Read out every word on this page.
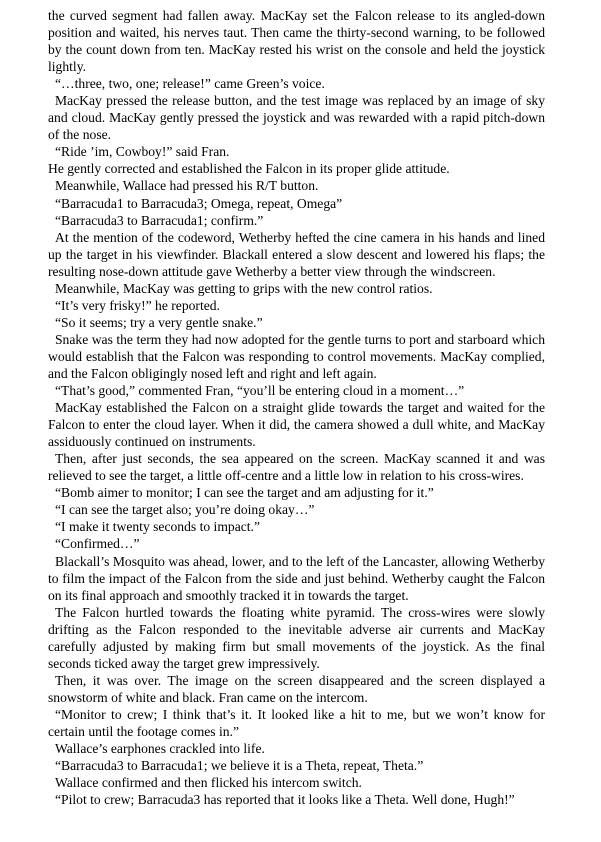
the curved segment had fallen away. MacKay set the Falcon release to its angled-down position and waited, his nerves taut. Then came the thirty-second warning, to be followed by the count down from ten. MacKay rested his wrist on the console and held the joystick lightly.

“…three, two, one; release!” came Green’s voice.

MacKay pressed the release button, and the test image was replaced by an image of sky and cloud. MacKay gently pressed the joystick and was rewarded with a rapid pitch-down of the nose.

“Ride ’im, Cowboy!” said Fran.

He gently corrected and established the Falcon in its proper glide attitude.

Meanwhile, Wallace had pressed his R/T button.

“Barracuda1 to Barracuda3; Omega, repeat, Omega”

“Barracuda3 to Barracuda1; confirm.”

At the mention of the codeword, Wetherby hefted the cine camera in his hands and lined up the target in his viewfinder. Blackall entered a slow descent and lowered his flaps; the resulting nose-down attitude gave Wetherby a better view through the windscreen.

Meanwhile, MacKay was getting to grips with the new control ratios.

“It’s very frisky!” he reported.

“So it seems; try a very gentle snake.”

Snake was the term they had now adopted for the gentle turns to port and starboard which would establish that the Falcon was responding to control movements. MacKay complied, and the Falcon obligingly nosed left and right and left again.

“That’s good,” commented Fran, “you’ll be entering cloud in a moment…”

MacKay established the Falcon on a straight glide towards the target and waited for the Falcon to enter the cloud layer. When it did, the camera showed a dull white, and MacKay assiduously continued on instruments.

Then, after just seconds, the sea appeared on the screen. MacKay scanned it and was relieved to see the target, a little off-centre and a little low in relation to his cross-wires.

“Bomb aimer to monitor; I can see the target and am adjusting for it.”

“I can see the target also; you’re doing okay…”

“I make it twenty seconds to impact.”

“Confirmed…”

Blackall’s Mosquito was ahead, lower, and to the left of the Lancaster, allowing Wetherby to film the impact of the Falcon from the side and just behind. Wetherby caught the Falcon on its final approach and smoothly tracked it in towards the target.

The Falcon hurtled towards the floating white pyramid. The cross-wires were slowly drifting as the Falcon responded to the inevitable adverse air currents and MacKay carefully adjusted by making firm but small movements of the joystick. As the final seconds ticked away the target grew impressively.

Then, it was over. The image on the screen disappeared and the screen displayed a snowstorm of white and black. Fran came on the intercom.

“Monitor to crew; I think that’s it. It looked like a hit to me, but we won’t know for certain until the footage comes in.”

Wallace’s earphones crackled into life.

“Barracuda3 to Barracuda1; we believe it is a Theta, repeat, Theta.”

Wallace confirmed and then flicked his intercom switch.

“Pilot to crew; Barracuda3 has reported that it looks like a Theta. Well done, Hugh!”
